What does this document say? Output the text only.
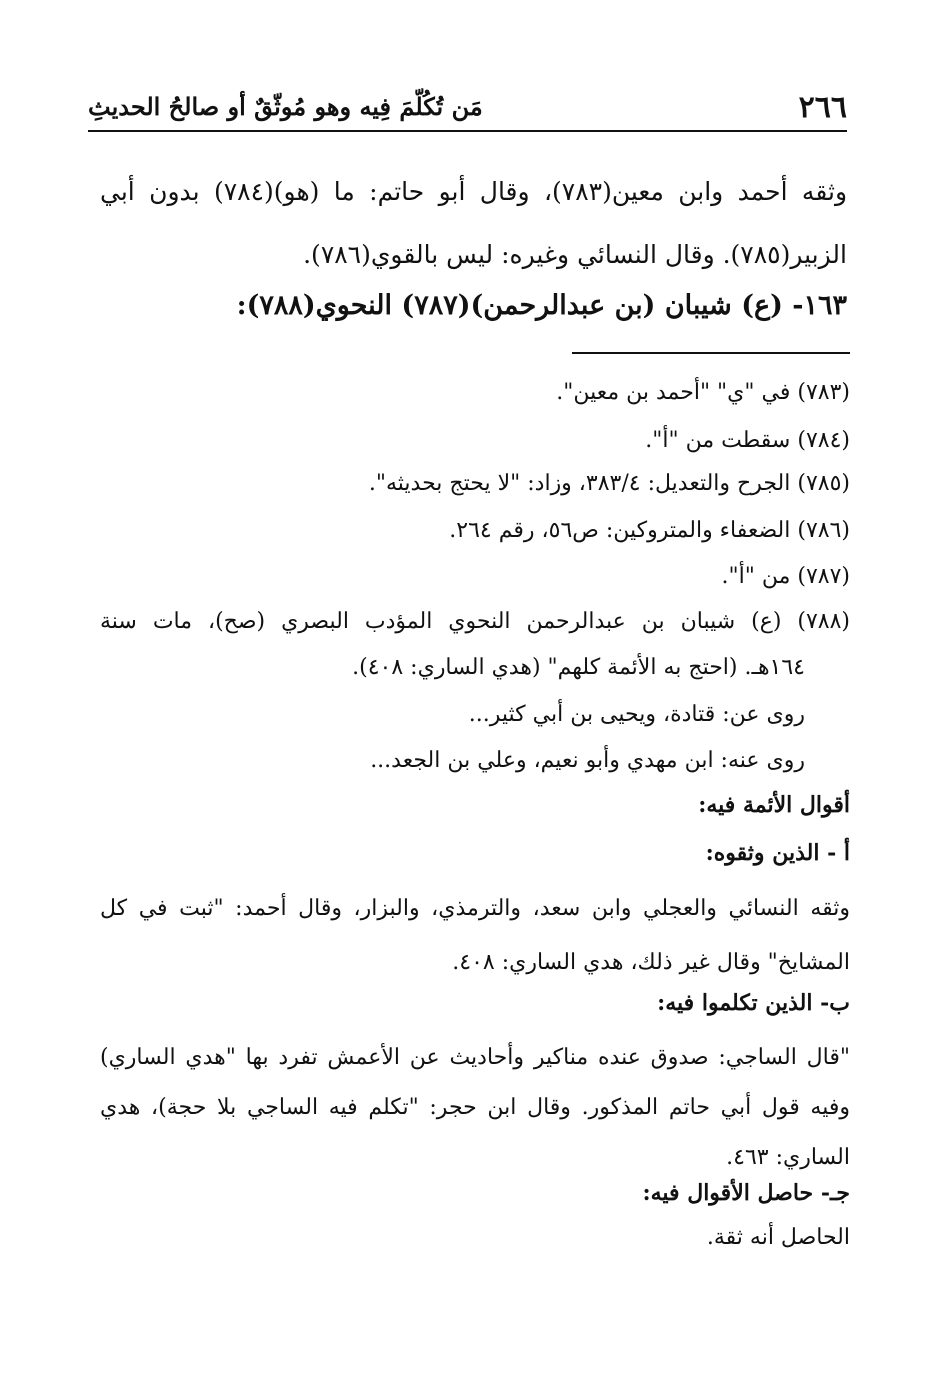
٢٦٦
مَن تُكُلّمَ فِيه وهو مُوثّقٌ أو صالحُ الحديثِ
وثقه أحمد وابن معين(٧٨٣)، وقال أبو حاتم: ما (هو)(٧٨٤) بدون أبي الزبير(٧٨٥). وقال النسائي وغيره: ليس بالقوي(٧٨٦).
١٦٣- (ع) شيبان (بن عبدالرحمن)(٧٨٧) النحوي(٧٨٨):
(٧٨٣) في "ي" "أحمد بن معين".
(٧٨٤) سقطت من "أ".
(٧٨٥) الجرح والتعديل: ٣٨٣/٤، وزاد: "لا يحتج بحديثه".
(٧٨٦) الضعفاء والمتروكين: ص٥٦، رقم ٢٦٤.
(٧٨٧) من "أ".
(٧٨٨) (ع) شيبان بن عبدالرحمن النحوي المؤدب البصري (صح)، مات سنة
١٦٤هـ. (احتج به الأئمة كلهم" (هدي الساري: ٤٠٨).
روى عن: قتادة، ويحيى بن أبي كثير...
روى عنه: ابن مهدي وأبو نعيم، وعلي بن الجعد...
أقوال الأئمة فيه:
أ - الذين وثقوه:
وثقه النسائي والعجلي وابن سعد، والترمذي، والبزار، وقال أحمد: "ثبت في كل المشايخ" وقال غير ذلك، هدي الساري: ٤٠٨.
ب- الذين تكلموا فيه:
"قال الساجي: صدوق عنده مناكير وأحاديث عن الأعمش تفرد بها "هدي الساري) وفيه قول أبي حاتم المذكور. وقال ابن حجر: "تكلم فيه الساجي بلا حجة)، هدي الساري: ٤٦٣.
جـ- حاصل الأقوال فيه:
الحاصل أنه ثقة.
